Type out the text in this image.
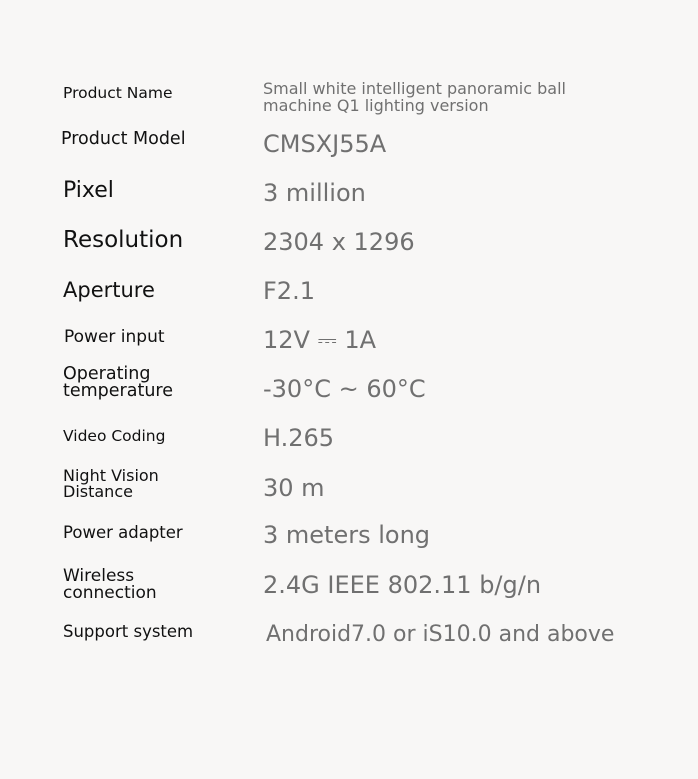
Product Name	Small white intelligent panoramic ball
machine Q1 lighting version
Product Model	CMSXJ55A
Pixel	3 million
Resolution	2304 x 1296
Aperture	F2.1
Power input	12V ⎓ 1A
Operating
temperature	-30°C ~ 60°C
Video Coding	H.265
Night Vision
Distance	30 m
Power adapter	3 meters long
Wireless
connection	2.4G IEEE 802.11 b/g/n
Support system	Android7.0 or iS10.0 and above
